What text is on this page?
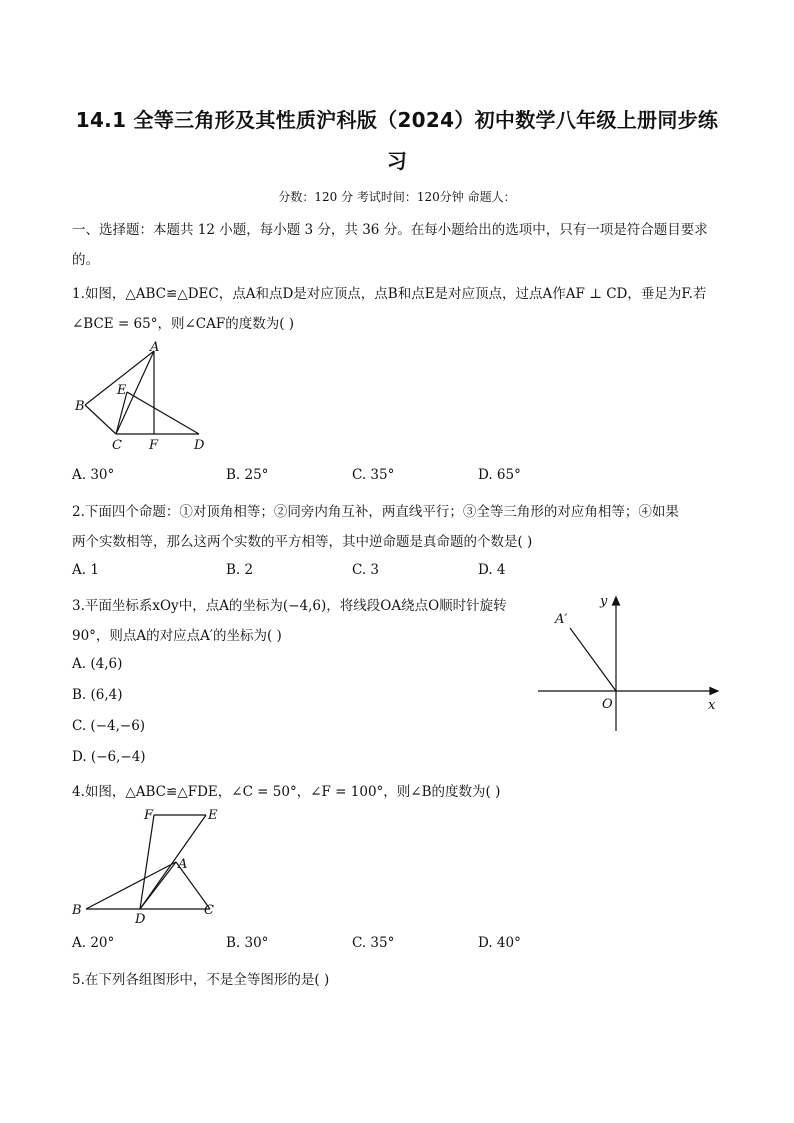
14.1 全等三角形及其性质沪科版（2024）初中数学八年级上册同步练
习
分数：120 分 考试时间：120分钟 命题人：
一、选择题：本题共 12 小题，每小题 3 分，共 36 分。在每小题给出的选项中，只有一项是符合题目要求
的。
1.如图，△ABC≌△DEC，点A和点D是对应顶点，点B和点E是对应顶点，过点A作AF ⊥ CD，垂足为F.若
∠BCE = 65°，则∠CAF的度数为( )
A
B
E
C F	D
A. 30°	B. 25°	C. 35°	D. 65°
2.下面四个命题：①对顶角相等；②同旁内角互补，两直线平行；③全等三角形的对应角相等；④如果
两个实数相等，那么这两个实数的平方相等，其中逆命题是真命题的个数是( )
A. 1	B. 2	C. 3	D. 4
3.平面坐标系xOy中，点A的坐标为(−4,6)，将线段OA绕点O顺时针旋转
90°，则点A的对应点A′的坐标为( )
A. (4,6)
B. (6,4)
C. (−4,−6)
D. (−6,−4)
y
x
O
A′
4.如图，△ABC≌△FDE，∠C = 50°，∠F = 100°，则∠B的度数为( )
F	E
A
B
D
C
A. 20°	B. 30°	C. 35°	D. 40°
5.在下列各组图形中，不是全等图形的是( )
